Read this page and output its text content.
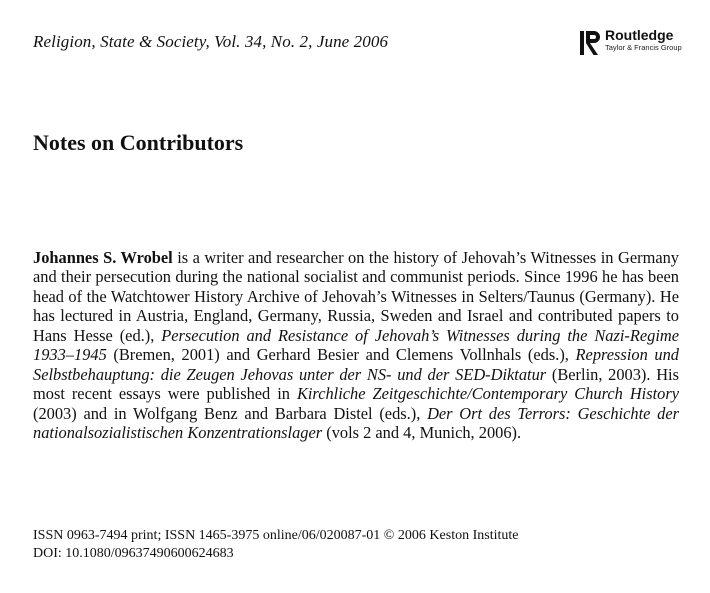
Religion, State & Society, Vol. 34, No. 2, June 2006	Routledge
Taylor & Francis Group
Notes on Contributors

Johannes S. Wrobel is a writer and researcher on the history of Jehovah’s Witnesses in Germany and their persecution during the national socialist and communist periods. Since 1996 he has been head of the Watchtower History Archive of Jehovah’s Witnesses in Selters/Taunus (Germany). He has lectured in Austria, England, Germany, Russia, Sweden and Israel and contributed papers to Hans Hesse (ed.), Persecution and Resistance of Jehovah’s Witnesses during the Nazi-Regime 1933–1945 (Bremen, 2001) and Gerhard Besier and Clemens Vollnhals (eds.), Repression und Selbstbehauptung: die Zeugen Jehovas unter der NS- und der SED-Diktatur (Berlin, 2003). His most recent essays were published in Kirchliche Zeitgeschichte/Contemporary Church History (2003) and in Wolfgang Benz and Barbara Distel (eds.), Der Ort des Terrors: Geschichte der nationalsozialistischen Konzentrationslager (vols 2 and 4, Munich, 2006).

ISSN 0963-7494 print; ISSN 1465-3975 online/06/020087-01 © 2006 Keston Institute
DOI: 10.1080/09637490600624683
